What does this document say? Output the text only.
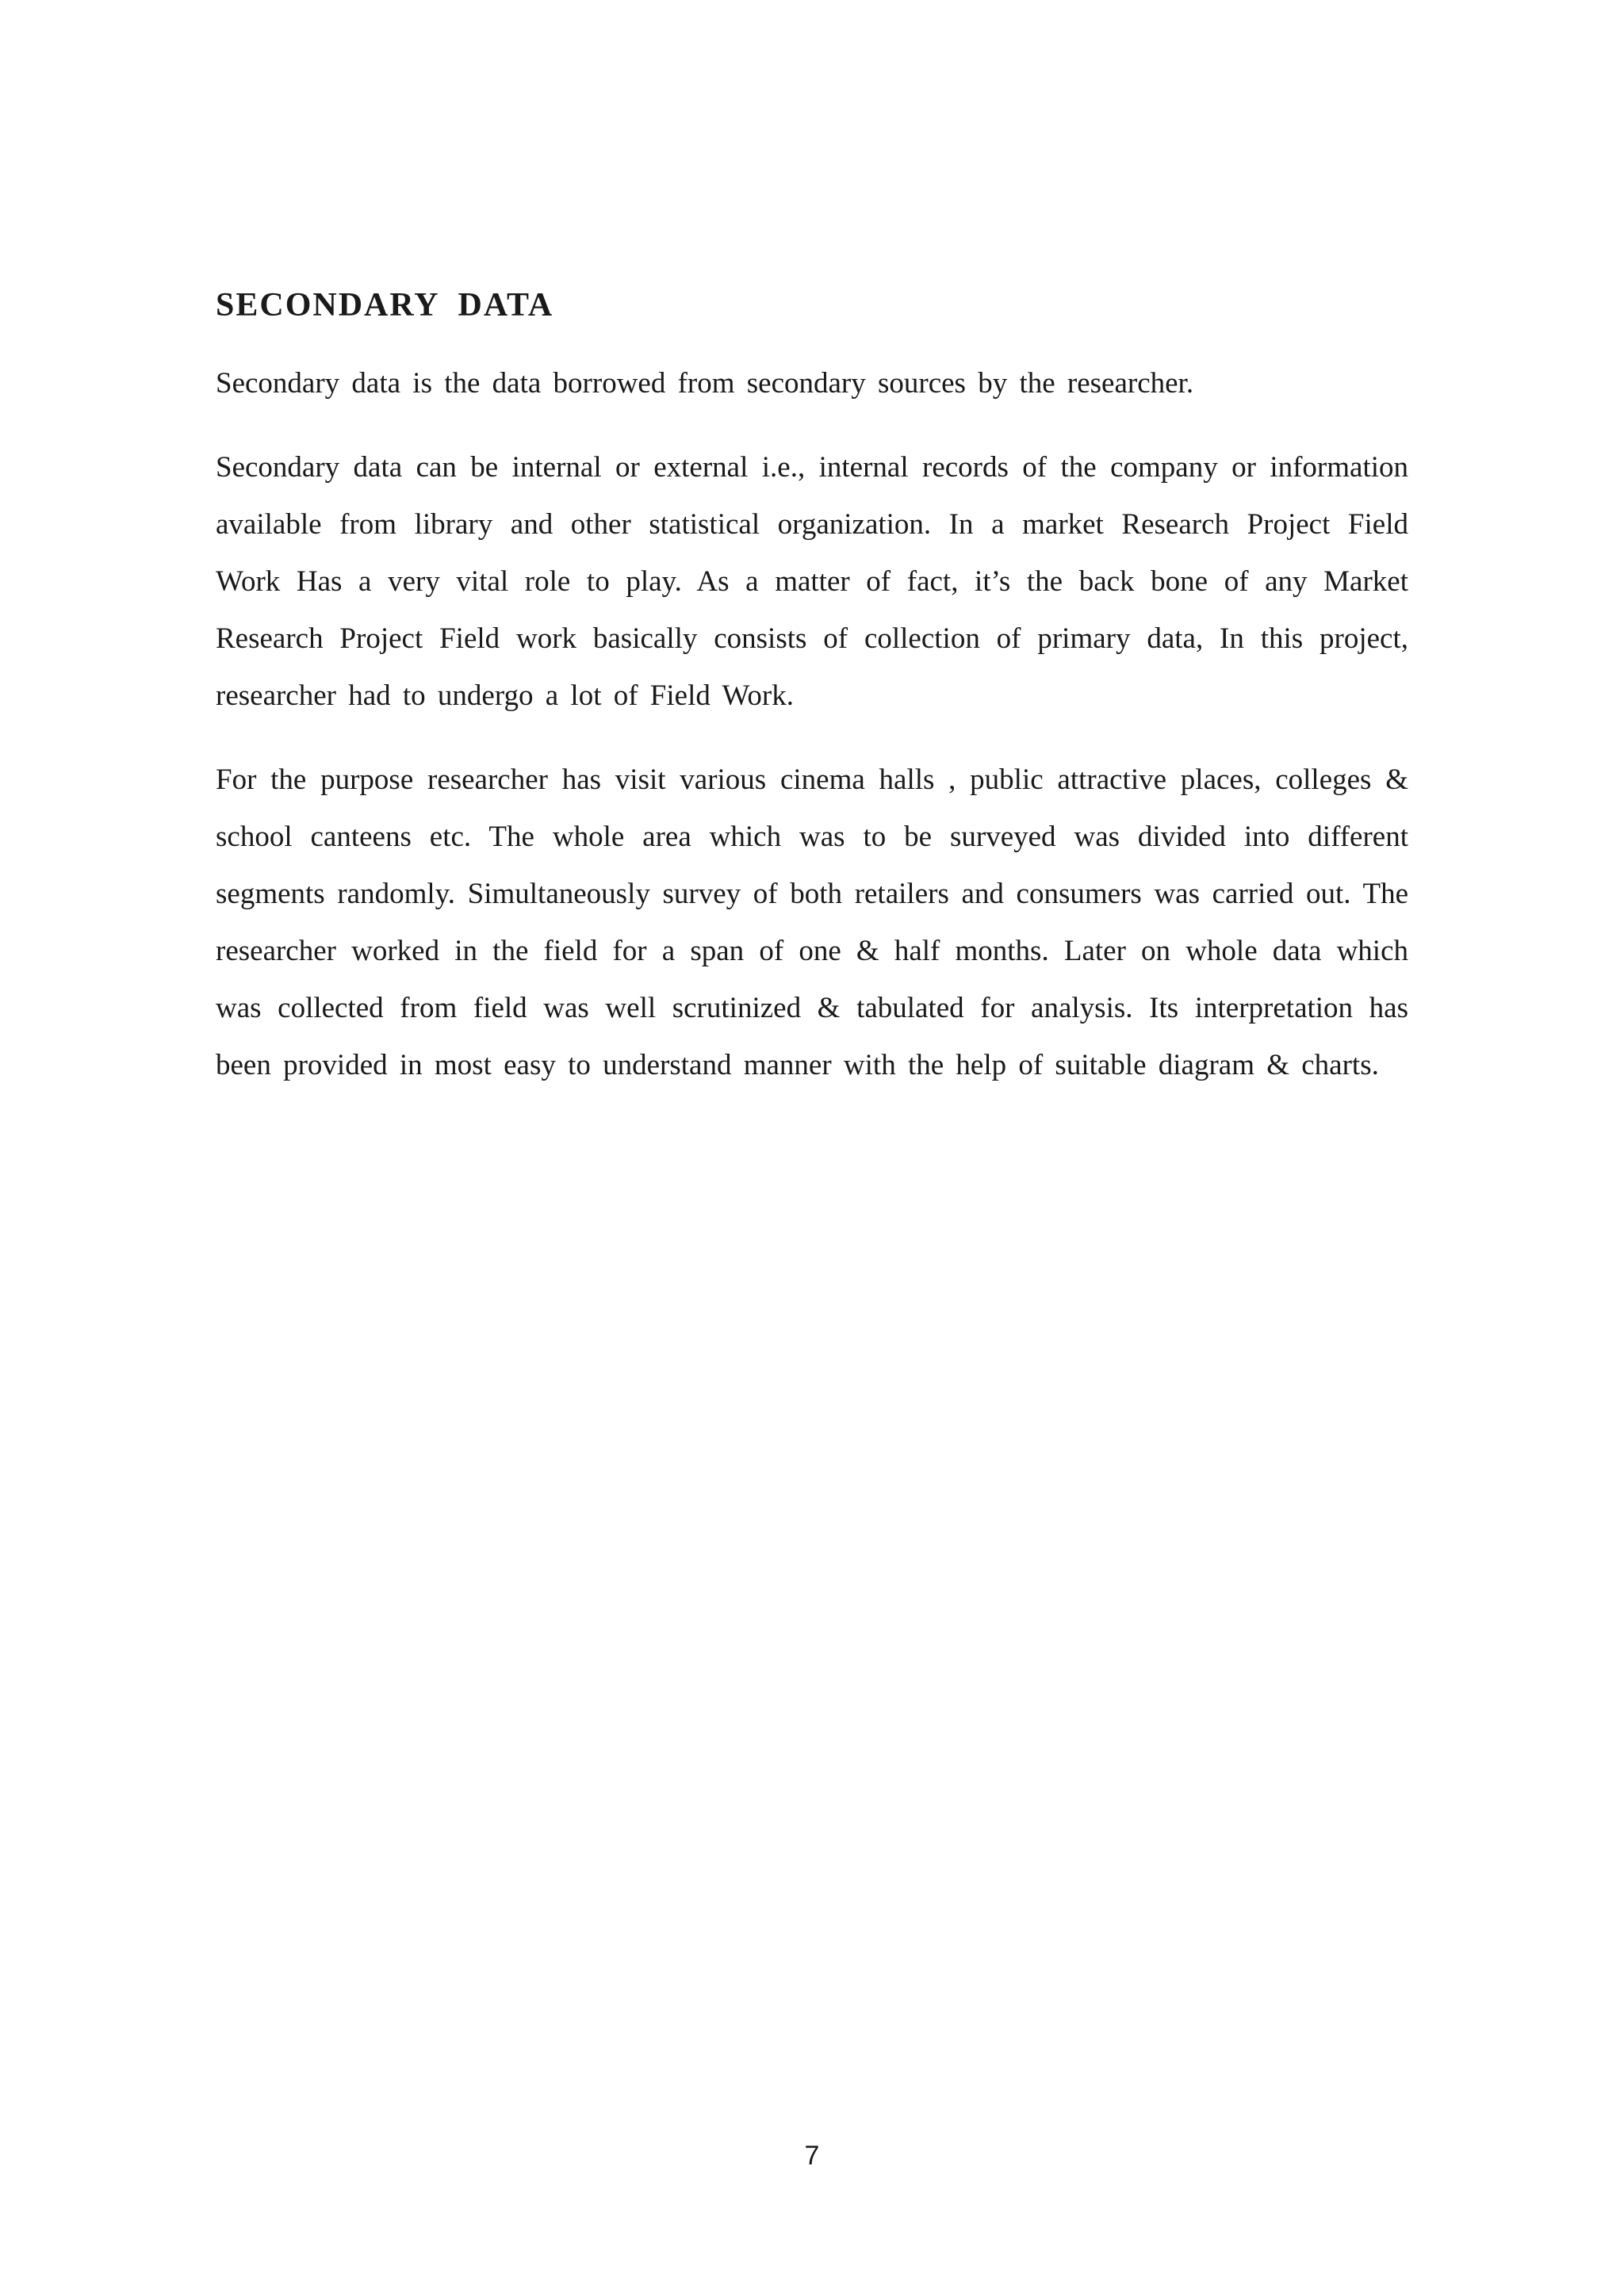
SECONDARY DATA

Secondary data is the data borrowed from secondary sources by the researcher.

Secondary data can be internal or external i.e., internal records of the company or information available from library and other statistical organization. In a market Research Project Field Work Has a very vital role to play. As a matter of fact, it’s the back bone of any Market Research Project Field work basically consists of collection of primary data, In this project, researcher had to undergo a lot of Field Work.

For the purpose researcher has visit various cinema halls , public attractive places, colleges & school canteens etc. The whole area which was to be surveyed was divided into different segments randomly. Simultaneously survey of both retailers and consumers was carried out. The researcher worked in the field for a span of one & half months. Later on whole data which was collected from field was well scrutinized & tabulated for analysis. Its interpretation has been provided in most easy to understand manner with the help of suitable diagram & charts.

7
